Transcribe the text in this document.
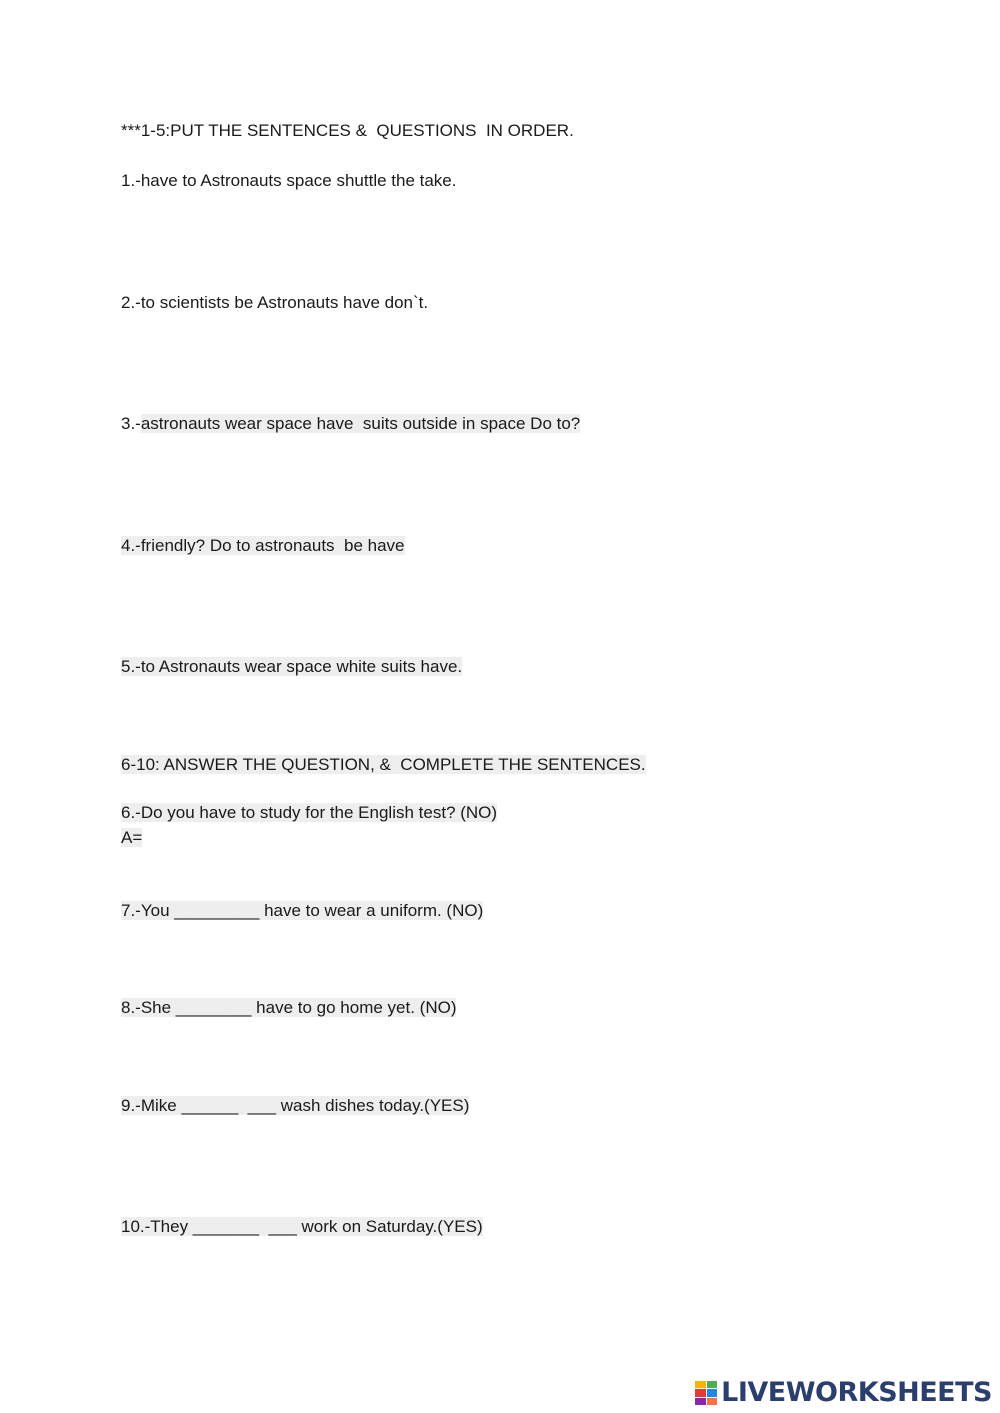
***1-5:PUT THE SENTENCES &  QUESTIONS  IN ORDER.

1.-have to Astronauts space shuttle the take.

2.-to scientists be Astronauts have don`t.

3.-astronauts wear space have  suits outside in space Do to?

4.-friendly? Do to astronauts  be have

5.-to Astronauts wear space white suits have.

6-10: ANSWER THE QUESTION, &  COMPLETE THE SENTENCES.

6.-Do you have to study for the English test? (NO)

A=

7.-You _________ have to wear a uniform. (NO)

8.-She ________ have to go home yet. (NO)

9.-Mike ______  ___ wash dishes today.(YES)

10.-They _______  ___ work on Saturday.(YES)

LIVEWORKSHEETS
